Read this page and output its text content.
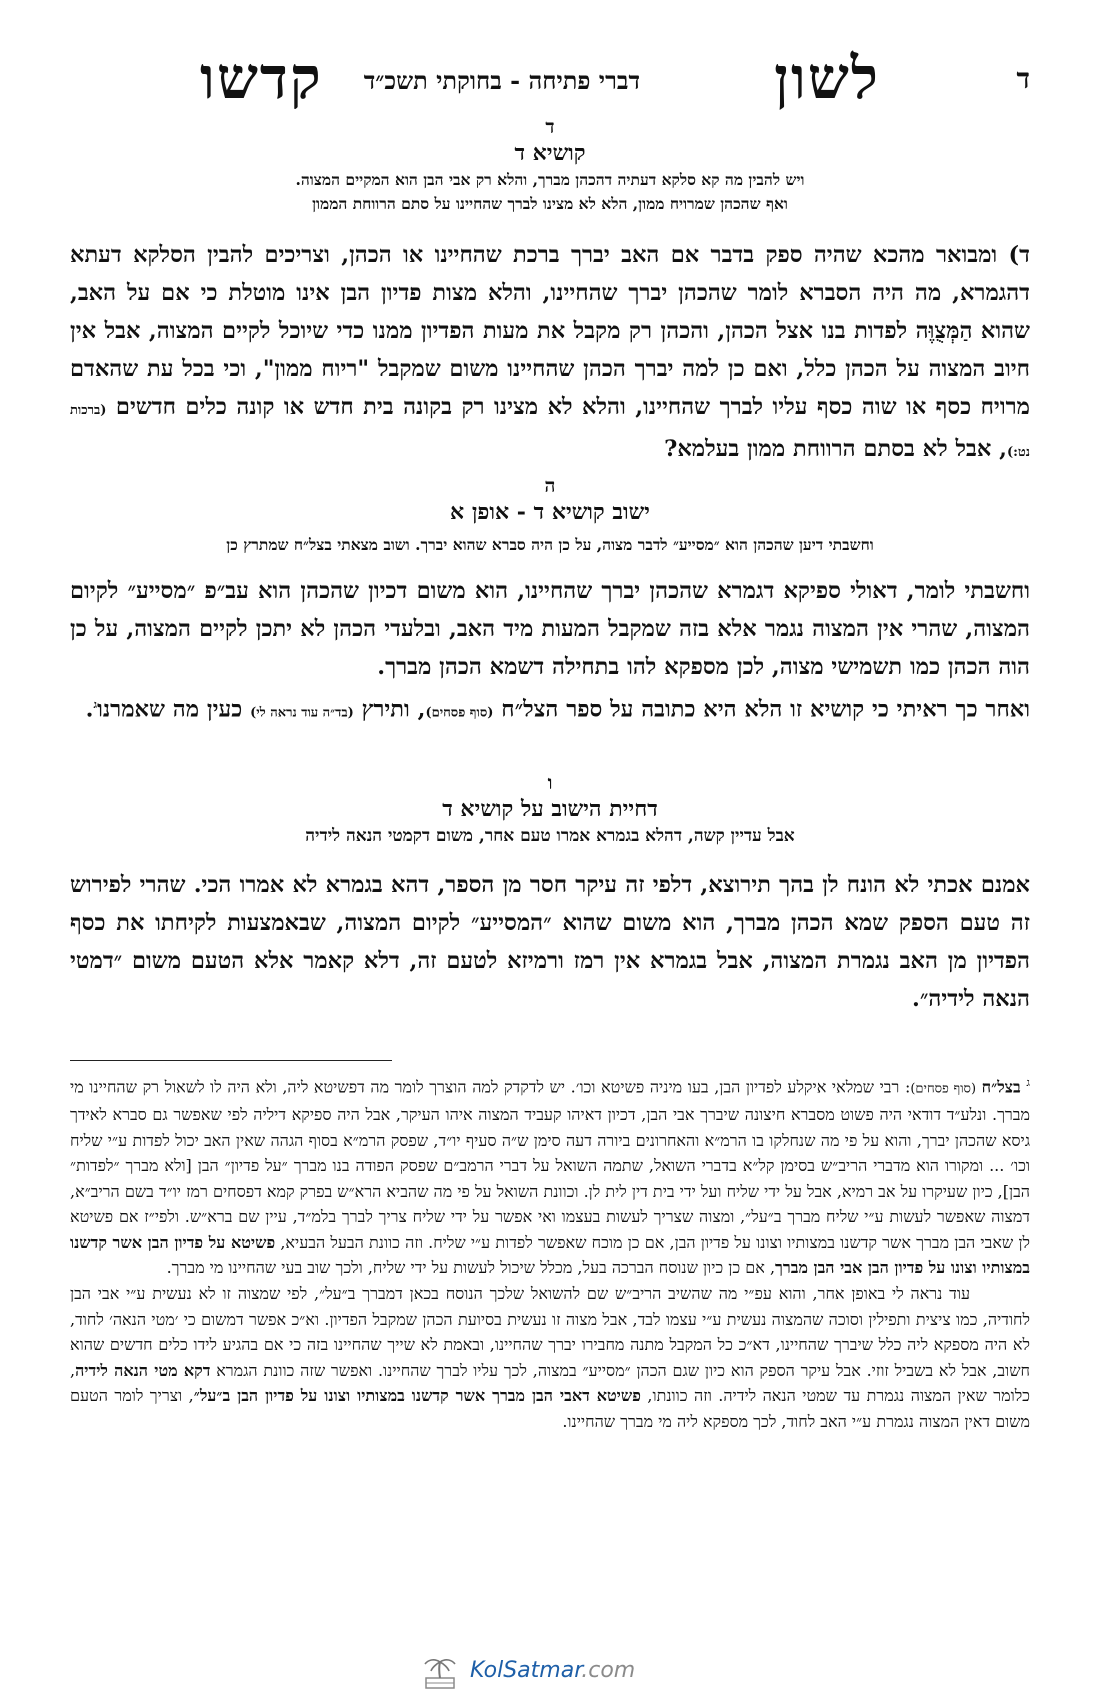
ד
לשון
דברי פתיחה - בחוקתי תשכ״ד
קדשו
ד
קושיא ד
ויש להבין מה קא סלקא דעתיה דהכהן מברך, והלא רק אבי הבן הוא המקיים המצוה.
ואף שהכהן שמרויח ממון, הלא לא מצינו לברך שהחיינו על סתם הרווחת הממון

ד) ומבואר מהכא שהיה ספק בדבר אם האב יברך ברכת שהחיינו או הכהן, וצריכים להבין הסלקא דעתא דהגמרא, מה היה הסברא לומר שהכהן יברך שהחיינו, והלא מצות פדיון הבן אינו מוטלת כי אם על האב, שהוא הַמְּצֻוֶּה לפדות בנו אצל הכהן, והכהן רק מקבל את מעות הפדיון ממנו כדי שיוכל לקיים המצוה, אבל אין חיוב המצוה על הכהן כלל, ואם כן למה יברך הכהן שהחיינו משום שמקבל "ריוח ממון", וכי בכל עת שהאדם מרויח כסף או שוה כסף עליו לברך שהחיינו, והלא לא מצינו רק בקונה בית חדש או קונה כלים חדשים (ברכות נט:), אבל לא בסתם הרווחת ממון בעלמא?

ה
ישוב קושיא ד - אופן א
וחשבתי דיען שהכהן הוא ״מסייע״ לדבר מצוה, על כן היה סברא שהוא יברך. ושוב מצאתי בצל״ח שמתרץ כן

וחשבתי לומר, דאולי ספיקא דגמרא שהכהן יברך שהחיינו, הוא משום דכיון שהכהן הוא עב״פ ״מסייע״ לקיום המצוה, שהרי אין המצוה נגמר אלא בזה שמקבל המעות מיד האב, ובלעדי הכהן לא יתכן לקיים המצוה, על כן הוה הכהן כמו תשמישי מצוה, לכן מספקא להו בתחילה דשמא הכהן מברך.

ואחר כך ראיתי כי קושיא זו הלא היא כתובה על ספר הצל״ח (סוף פסחים), ותירץ (בד״ה עוד נראה לי) כעין מה שאמרנו$^ג$.

ו
דחיית הישוב על קושיא ד
אבל עדיין קשה, דהלא בגמרא אמרו טעם אחר, משום דקמטי הנאה לידיה

אמנם אכתי לא הונח לן בהך תירוצא, דלפי זה עיקר חסר מן הספר, דהא בגמרא לא אמרו הכי. שהרי לפירוש זה טעם הספק שמא הכהן מברך, הוא משום שהוא ״המסייע״ לקיום המצוה, שבאמצעות לקיחתו את כסף הפדיון מן האב נגמרת המצוה, אבל בגמרא אין רמז ורמיזא לטעם זה, דלא קאמר אלא הטעם משום ״דמטי הנאה לידיה״.

$^ג$ בצל״ח (סוף פסחים): רבי שמלאי איקלע לפדיון הבן, בעו מיניה פשיטא וכו׳. יש לדקדק למה הוצרך לומר מה דפשיטא ליה, ולא היה לו לשאול רק שהחיינו מי מברך. ונלע״ד דודאי היה פשוט מסברא חיצונה שיברך אבי הבן, דכיון דאיהו קעביד המצוה איהו העיקר, אבל היה ספיקא דיליה לפי שאפשר גם סברא לאידך גיסא שהכהן יברך, והוא על פי מה שנחלקו בו הרמ״א והאחרונים ביורה דעה סימן ש״ה סעיף יו״ד, שפסק הרמ״א בסוף הגהה שאין האב יכול לפדות ע״י שליח וכו׳ ... ומקורו הוא מדברי הריב״ש בסימן קל״א בדברי השואל, שתמה השואל על דברי הרמב״ם שפסק הפודה בנו מברך ״על פדיון״ הבן [ולא מברך ״לפדות״ הבן], כיון שעיקרו על אב רמיא, אבל על ידי שליח ועל ידי בית דין לית לן. וכוונת השואל על פי מה שהביא הרא״ש בפרק קמא דפסחים רמז יו״ד בשם הריב״א, דמצוה שאפשר לעשות ע״י שליח מברך ב״על״, ומצוה שצריך לעשות בעצמו ואי אפשר על ידי שליח צריך לברך בלמ״ד, עיין שם ברא״ש. ולפי״ז אם פשיטא לן שאבי הבן מברך אשר קדשנו במצותיו וצונו על פדיון הבן, אם כן מוכח שאפשר לפדות ע״י שליח. וזה כוונת הבעל הבעיא, פשיטא על פדיון הבן אשר קדשנו במצותיו וצונו על פדיון הבן אבי הבן מברך, אם כן כיון שנוסח הברכה בעל, מכלל שיכול לעשות על ידי שליח, ולכך שוב בעי שהחיינו מי מברך.

עוד נראה לי באופן אחר, והוא עפ״י מה שהשיב הריב״ש שם להשואל שלכך הנוסח בכאן דמברך ב״על״, לפי שמצוה זו לא נעשית ע״י אבי הבן לחודיה, כמו ציצית ותפילין וסוכה שהמצוה נעשית ע״י עצמו לבד, אבל מצוה זו נעשית בסיועת הכהן שמקבל הפדיון. וא״כ אפשר דמשום כי ׳מטי הנאה׳ לחוד, לא היה מספקא ליה כלל שיברך שהחיינו, דא״כ כל המקבל מתנה מחבירו יברך שהחיינו, ובאמת לא שייך שהחיינו בזה כי אם בהגיע לידו כלים חדשים שהוא חשוב, אבל לא בשביל זוזי. אבל עיקר הספק הוא כיון שגם הכהן ״מסייע״ במצוה, לכך עליו לברך שהחיינו. ואפשר שזה כוונת הגמרא דקא מטי הנאה לידיה, כלומר שאין המצוה נגמרת עד שמטי הנאה לידיה. וזה כוונתו, פשיטא דאבי הבן מברך אשר קדשנו במצותיו וצונו על פדיון הבן ב״על״, וצריך לומר הטעם משום דאין המצוה נגמרת ע״י האב לחוד, לכך מספקא ליה מי מברך שהחיינו.

KolSatmar.com
